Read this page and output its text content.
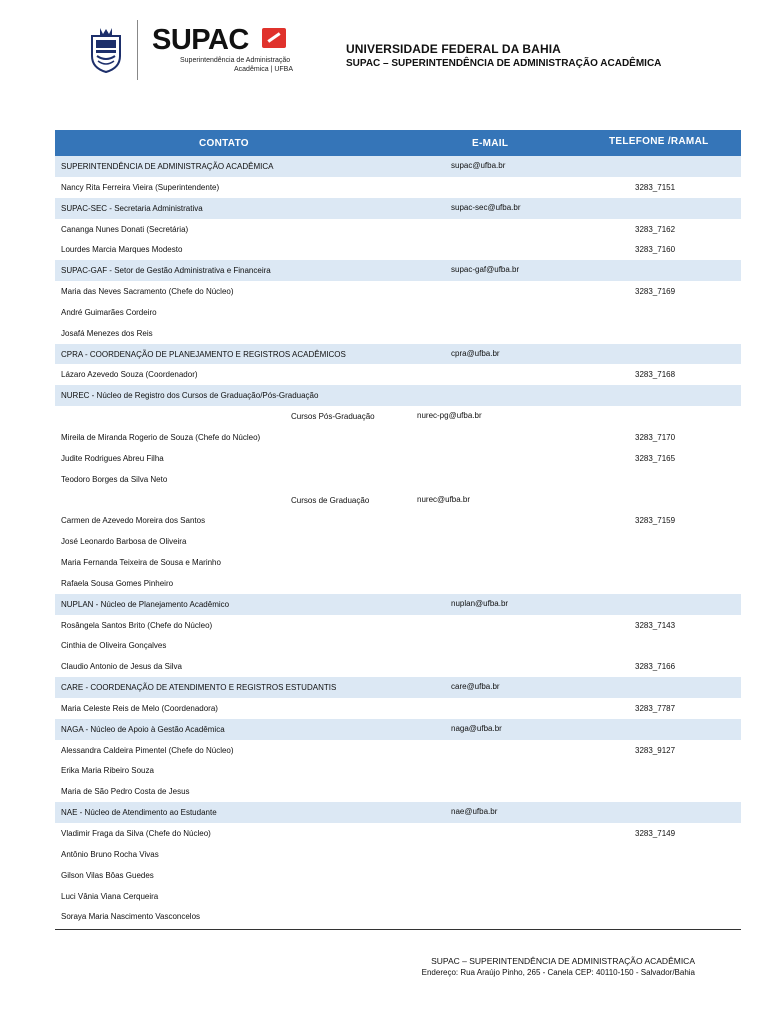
SUPAC
Superintendência de Administração
Acadêmica | UFBA
UNIVERSIDADE FEDERAL DA BAHIA
SUPAC – SUPERINTENDÊNCIA DE ADMINISTRAÇÃO ACADÊMICA
CONTATO	E-MAIL	TELEFONE /RAMAL
SUPERINTENDÊNCIA DE ADMINISTRAÇÃO ACADÊMICA	supac@ufba.br
Nancy Rita Ferreira Vieira (Superintendente)	3283_7151
SUPAC-SEC - Secretaria Administrativa	supac-sec@ufba.br
Cananga Nunes Donati (Secretária)	3283_7162
Lourdes Marcia Marques Modesto	3283_7160
SUPAC-GAF - Setor de Gestão Administrativa e Financeira	supac-gaf@ufba.br
Maria das Neves Sacramento (Chefe do Núcleo)	3283_7169
André Guimarães Cordeiro
Josafá Menezes dos Reis
CPRA - COORDENAÇÃO DE PLANEJAMENTO E REGISTROS ACADÊMICOS	cpra@ufba.br
Lázaro Azevedo Souza (Coordenador)	3283_7168
NUREC - Núcleo de Registro dos Cursos de Graduação/Pós-Graduação
Cursos Pós-Graduação	nurec-pg@ufba.br
Mireila de Miranda Rogerio de Souza (Chefe do Núcleo)	3283_7170
Judite Rodrigues Abreu Filha	3283_7165
Teodoro Borges da Silva Neto
Cursos de Graduação	nurec@ufba.br
Carmen de Azevedo Moreira dos Santos	3283_7159
José Leonardo Barbosa de Oliveira
Maria Fernanda Teixeira de Sousa e Marinho
Rafaela Sousa Gomes Pinheiro
NUPLAN - Núcleo de Planejamento Acadêmico	nuplan@ufba.br
Rosângela Santos Brito (Chefe do Núcleo)	3283_7143
Cinthia de Oliveira Gonçalves
Claudio Antonio de Jesus da Silva	3283_7166
CARE - COORDENAÇÃO DE ATENDIMENTO E REGISTROS ESTUDANTIS	care@ufba.br
Maria Celeste Reis de Melo (Coordenadora)	3283_7787
NAGA - Núcleo de Apoio à Gestão Acadêmica	naga@ufba.br
Alessandra Caldeira Pimentel (Chefe do Núcleo)	3283_9127
Erika Maria Ribeiro Souza
Maria de São Pedro Costa de Jesus
NAE - Núcleo de Atendimento ao Estudante	nae@ufba.br
Vladimir Fraga da Silva (Chefe do Núcleo)	3283_7149
Antônio Bruno Rocha Vivas
Gilson Vilas Bôas Guedes
Luci Vânia Viana Cerqueira
Soraya Maria Nascimento Vasconcelos
SUPAC – SUPERINTENDÊNCIA DE ADMINISTRAÇÃO ACADÊMICA
Endereço: Rua Araújo Pinho, 265 - Canela CEP: 40110-150 - Salvador/Bahia
